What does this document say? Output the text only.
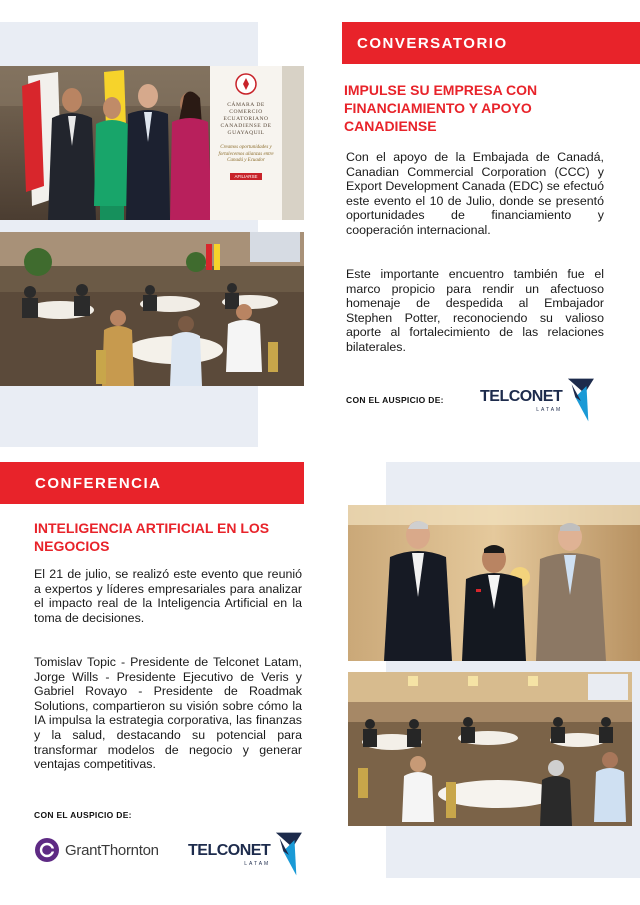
CONVERSATORIO
CÁMARA DE COMERCIO ECUATORIANO CANADIENSE DE GUAYAQUIL
Creamos oportunidades y fortalecemos alianzas entre Canadá y Ecuador
AFILIARSE
IMPULSE SU EMPRESA CON FINANCIAMIENTO Y APOYO CANADIENSE
Con el apoyo de la Embajada de Canadá, Canadian Commercial Corporation (CCC) y Export Development Canada (EDC) se efectuó este evento el 10 de Julio, donde se presentó oportunidades de financiamiento y cooperación internacional.
Este importante encuentro también fue el marco propicio para rendir un afectuoso homenaje de despedida al Embajador Stephen Potter, reconociendo su valioso aporte al fortalecimiento de las relaciones bilaterales.
CON EL AUSPICIO DE: TELCONET
LATAM
CONFERENCIA
INTELIGENCIA ARTIFICIAL EN LOS NEGOCIOS
El 21 de julio, se realizó este evento que reunió a expertos y líderes empresariales para analizar el impacto real de la Inteligencia Artificial en la toma de decisiones.
Tomislav Topic - Presidente de Telconet Latam, Jorge Wills - Presidente Ejecutivo de Veris y Gabriel Rovayo - Presidente de Roadmak Solutions, compartieron su visión sobre cómo la IA impulsa la estrategia corporativa, las finanzas y la salud, destacando su potencial para transformar modelos de negocio y generar ventajas competitivas.
CON EL AUSPICIO DE:
GrantThornton TELCONET
LATAM
